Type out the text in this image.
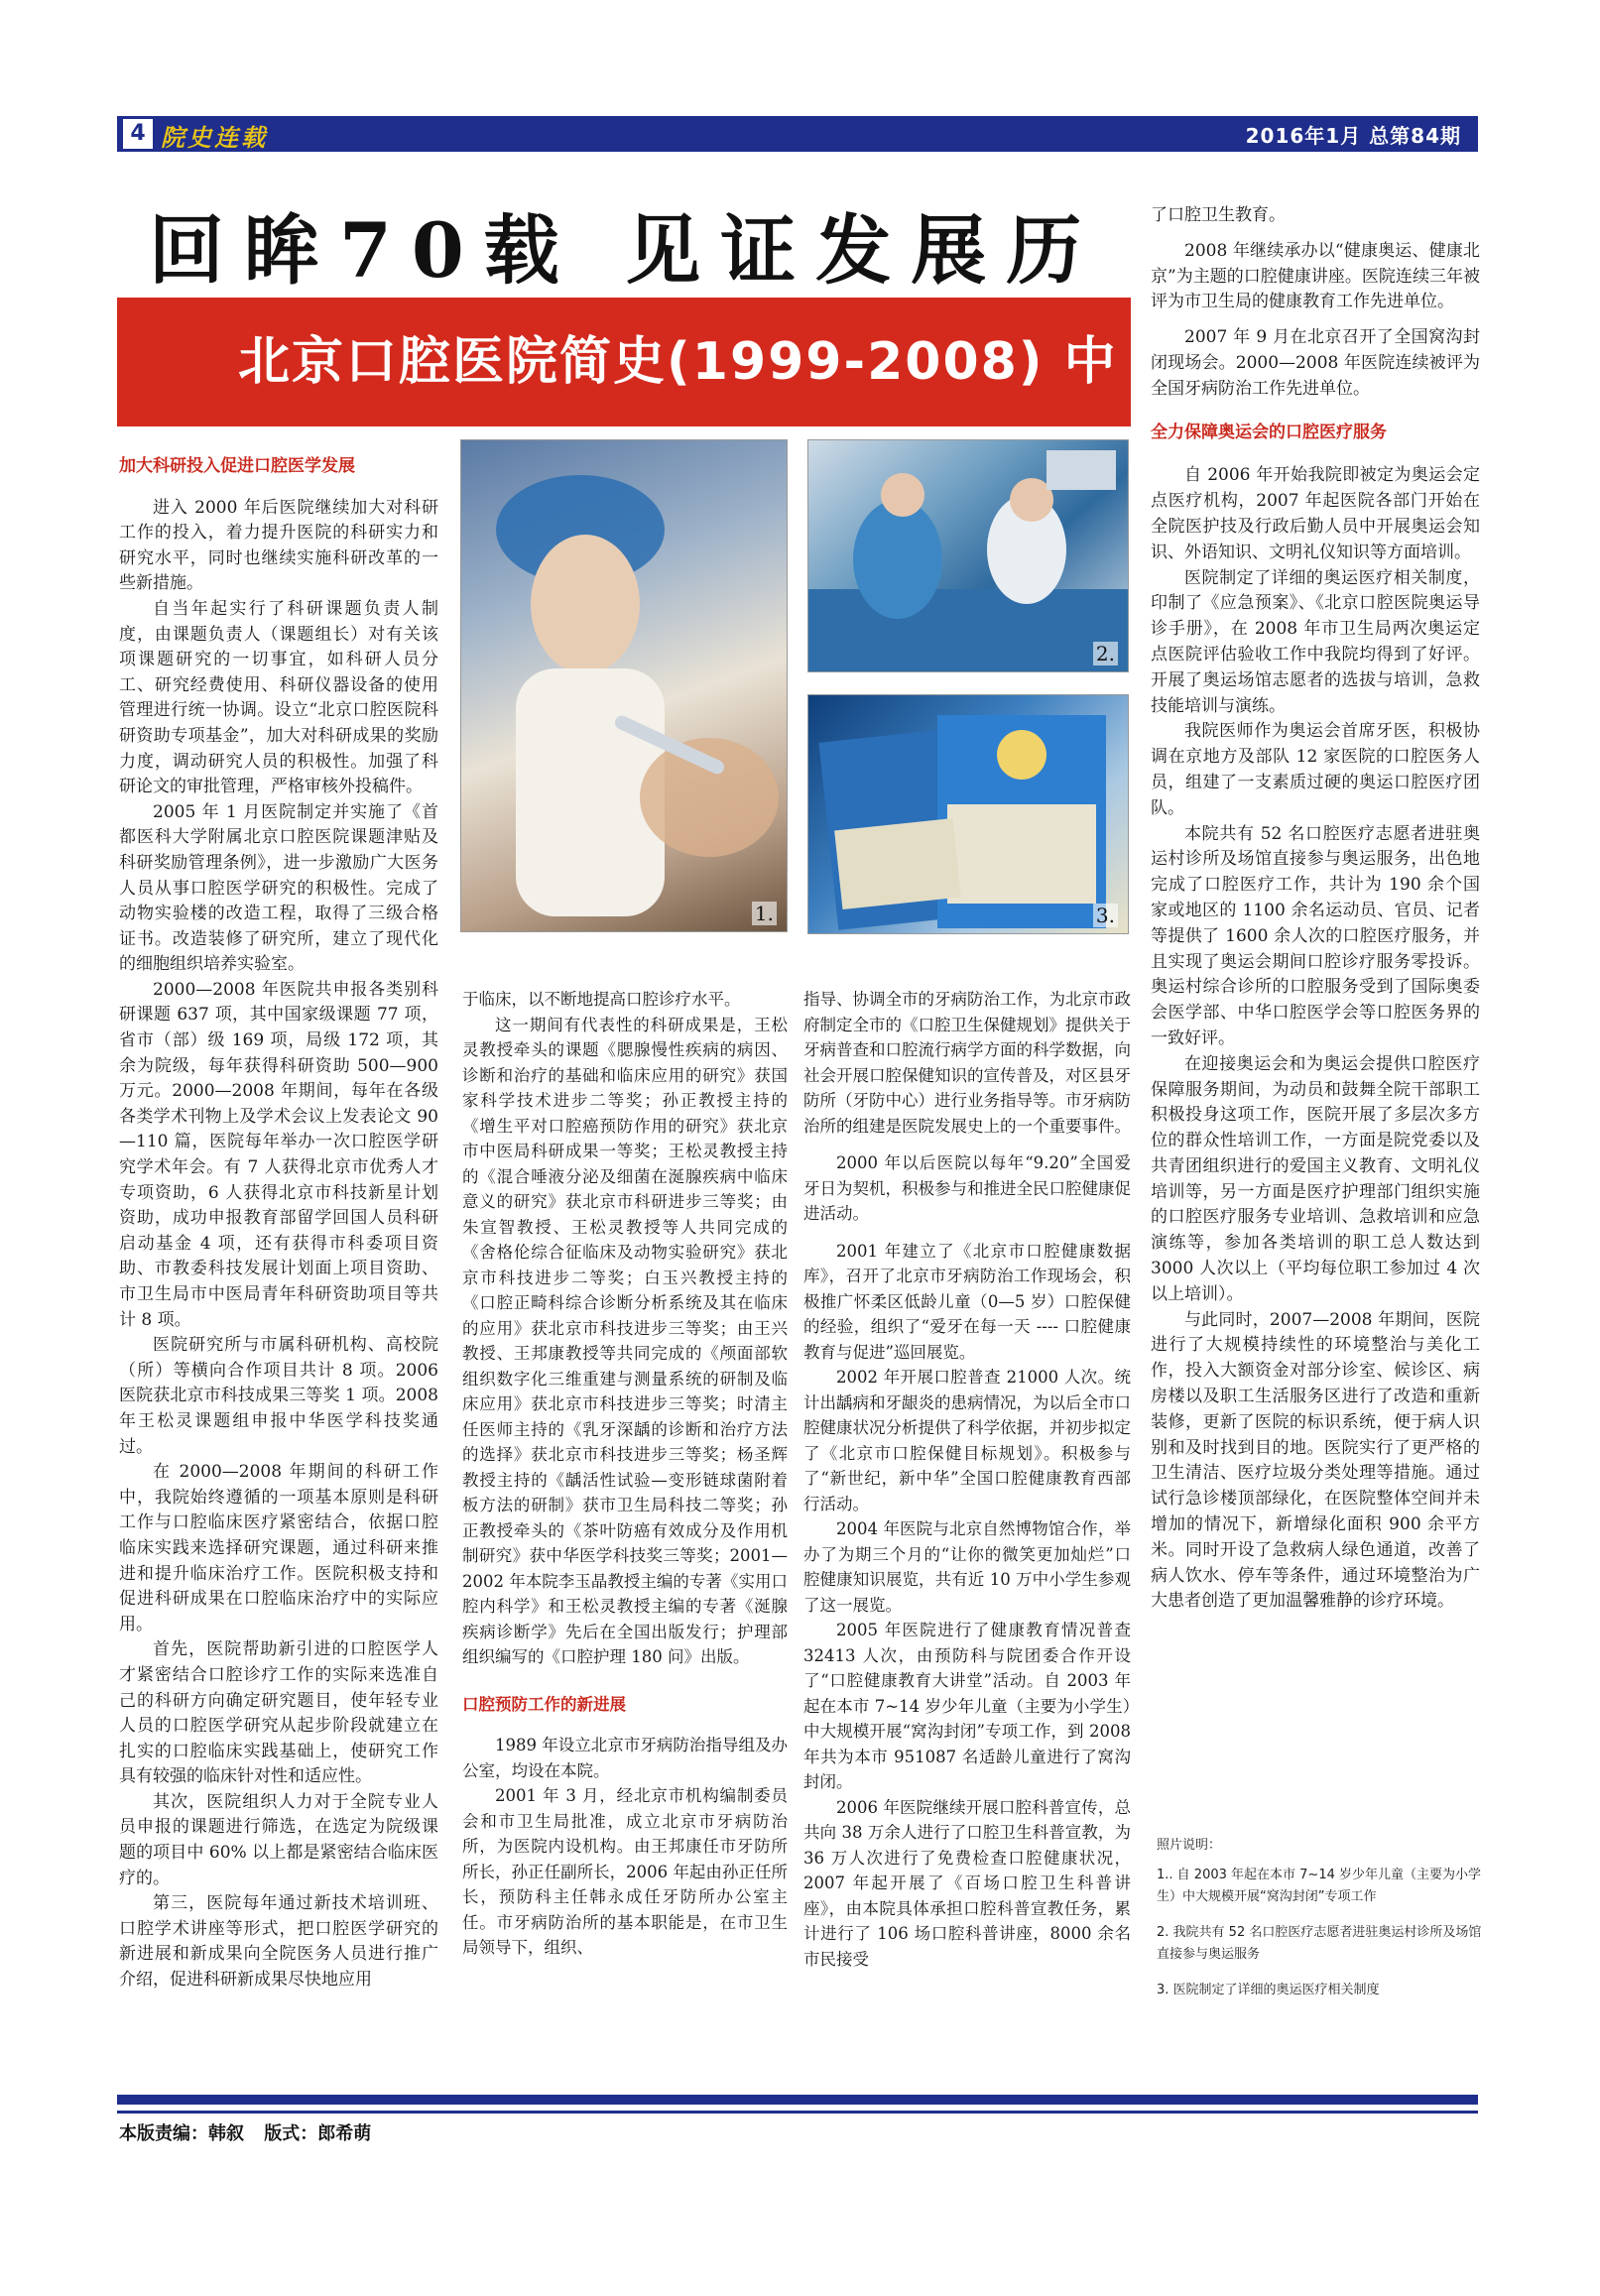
4 院史连载	2016年1月 总第84期
回眸70载 见证发展历
北京口腔医院简史(1999-2008) 中

加大科研投入促进口腔医学发展

进入 2000 年后医院继续加大对科研工作的投入，着力提升医院的科研实力和研究水平，同时也继续实施科研改革的一些新措施。

自当年起实行了科研课题负责人制度，由课题负责人（课题组长）对有关该项课题研究的一切事宜，如科研人员分工、研究经费使用、科研仪器设备的使用管理进行统一协调。设立“北京口腔医院科研资助专项基金”，加大对科研成果的奖励力度，调动研究人员的积极性。加强了科研论文的审批管理，严格审核外投稿件。

2005 年 1 月医院制定并实施了《首都医科大学附属北京口腔医院课题津贴及科研奖励管理条例》，进一步激励广大医务人员从事口腔医学研究的积极性。完成了动物实验楼的改造工程，取得了三级合格证书。改造装修了研究所，建立了现代化的细胞组织培养实验室。

2000—2008 年医院共申报各类别科研课题 637 项，其中国家级课题 77 项，省市（部）级 169 项，局级 172 项，其余为院级，每年获得科研资助 500—900 万元。2000—2008 年期间，每年在各级各类学术刊物上及学术会议上发表论文 90—110 篇，医院每年举办一次口腔医学研究学术年会。有 7 人获得北京市优秀人才专项资助，6 人获得北京市科技新星计划资助，成功申报教育部留学回国人员科研启动基金 4 项，还有获得市科委项目资助、市教委科技发展计划面上项目资助、市卫生局市中医局青年科研资助项目等共计 8 项。

医院研究所与市属科研机构、高校院（所）等横向合作项目共计 8 项。2006 医院获北京市科技成果三等奖 1 项。2008 年王松灵课题组申报中华医学科技奖通过。

在 2000—2008 年期间的科研工作中，我院始终遵循的一项基本原则是科研工作与口腔临床医疗紧密结合，依据口腔临床实践来选择研究课题，通过科研来推进和提升临床治疗工作。医院积极支持和促进科研成果在口腔临床治疗中的实际应用。

首先，医院帮助新引进的口腔医学人才紧密结合口腔诊疗工作的实际来选准自己的科研方向确定研究题目，使年轻专业人员的口腔医学研究从起步阶段就建立在扎实的口腔临床实践基础上，使研究工作具有较强的临床针对性和适应性。

其次，医院组织人力对于全院专业人员申报的课题进行筛选，在选定为院级课题的项目中 60% 以上都是紧密结合临床医疗的。

第三，医院每年通过新技术培训班、口腔学术讲座等形式，把口腔医学研究的新进展和新成果向全院医务人员进行推广介绍，促进科研新成果尽快地应用

1.
2.
3.

于临床，以不断地提高口腔诊疗水平。

这一期间有代表性的科研成果是，王松灵教授牵头的课题《腮腺慢性疾病的病因、诊断和治疗的基础和临床应用的研究》获国家科学技术进步二等奖；孙正教授主持的《增生平对口腔癌预防作用的研究》获北京市中医局科研成果一等奖；王松灵教授主持的《混合唾液分泌及细菌在涎腺疾病中临床意义的研究》获北京市科研进步三等奖；由朱宣智教授、王松灵教授等人共同完成的《舍格伦综合征临床及动物实验研究》获北京市科技进步二等奖；白玉兴教授主持的《口腔正畸科综合诊断分析系统及其在临床的应用》获北京市科技进步三等奖；由王兴教授、王邦康教授等共同完成的《颅面部软组织数字化三维重建与测量系统的研制及临床应用》获北京市科技进步三等奖；时清主任医师主持的《乳牙深龋的诊断和治疗方法的选择》获北京市科技进步三等奖；杨圣辉教授主持的《龋活性试验—变形链球菌附着板方法的研制》获市卫生局科技二等奖；孙正教授牵头的《茶叶防癌有效成分及作用机制研究》获中华医学科技奖三等奖；2001—2002 年本院李玉晶教授主编的专著《实用口腔内科学》和王松灵教授主编的专著《涎腺疾病诊断学》先后在全国出版发行；护理部组织编写的《口腔护理 180 问》出版。

口腔预防工作的新进展

1989 年设立北京市牙病防治指导组及办公室，均设在本院。

2001 年 3 月，经北京市机构编制委员会和市卫生局批准，成立北京市牙病防治所，为医院内设机构。由王邦康任市牙防所所长，孙正任副所长，2006 年起由孙正任所长，预防科主任韩永成任牙防所办公室主任。市牙病防治所的基本职能是，在市卫生局领导下，组织、

指导、协调全市的牙病防治工作，为北京市政府制定全市的《口腔卫生保健规划》提供关于牙病普查和口腔流行病学方面的科学数据，向社会开展口腔保健知识的宣传普及，对区县牙防所（牙防中心）进行业务指导等。市牙病防治所的组建是医院发展史上的一个重要事件。

2000 年以后医院以每年“9.20”全国爱牙日为契机，积极参与和推进全民口腔健康促进活动。

2001 年建立了《北京市口腔健康数据库》，召开了北京市牙病防治工作现场会，积极推广怀柔区低龄儿童（0—5 岁）口腔保健的经验，组织了“爱牙在每一天 ---- 口腔健康教育与促进”巡回展览。

2002 年开展口腔普查 21000 人次。统计出龋病和牙龈炎的患病情况，为以后全市口腔健康状况分析提供了科学依据，并初步拟定了《北京市口腔保健目标规划》。积极参与了“新世纪，新中华”全国口腔健康教育西部行活动。

2004 年医院与北京自然博物馆合作，举办了为期三个月的“让你的微笑更加灿烂”口腔健康知识展览，共有近 10 万中小学生参观了这一展览。

2005 年医院进行了健康教育情况普查 32413 人次，由预防科与院团委合作开设了“口腔健康教育大讲堂”活动。自 2003 年起在本市 7~14 岁少年儿童（主要为小学生）中大规模开展“窝沟封闭”专项工作，到 2008 年共为本市 951087 名适龄儿童进行了窝沟封闭。

2006 年医院继续开展口腔科普宣传，总共向 38 万余人进行了口腔卫生科普宣教，为 36 万人次进行了免费检查口腔健康状况，2007 年起开展了《百场口腔卫生科普讲座》，由本院具体承担口腔科普宣教任务，累计进行了 106 场口腔科普讲座，8000 余名市民接受

了口腔卫生教育。

2008 年继续承办以“健康奥运、健康北京”为主题的口腔健康讲座。医院连续三年被评为市卫生局的健康教育工作先进单位。

2007 年 9 月在北京召开了全国窝沟封闭现场会。2000—2008 年医院连续被评为全国牙病防治工作先进单位。

全力保障奥运会的口腔医疗服务

自 2006 年开始我院即被定为奥运会定点医疗机构，2007 年起医院各部门开始在全院医护技及行政后勤人员中开展奥运会知识、外语知识、文明礼仪知识等方面培训。

医院制定了详细的奥运医疗相关制度，印制了《应急预案》、《北京口腔医院奥运导诊手册》，在 2008 年市卫生局两次奥运定点医院评估验收工作中我院均得到了好评。开展了奥运场馆志愿者的选拔与培训，急救技能培训与演练。

我院医师作为奥运会首席牙医，积极协调在京地方及部队 12 家医院的口腔医务人员，组建了一支素质过硬的奥运口腔医疗团队。

本院共有 52 名口腔医疗志愿者进驻奥运村诊所及场馆直接参与奥运服务，出色地完成了口腔医疗工作，共计为 190 余个国家或地区的 1100 余名运动员、官员、记者等提供了 1600 余人次的口腔医疗服务，并且实现了奥运会期间口腔诊疗服务零投诉。奥运村综合诊所的口腔服务受到了国际奥委会医学部、中华口腔医学会等口腔医务界的一致好评。

在迎接奥运会和为奥运会提供口腔医疗保障服务期间，为动员和鼓舞全院干部职工积极投身这项工作，医院开展了多层次多方位的群众性培训工作，一方面是院党委以及共青团组织进行的爱国主义教育、文明礼仪培训等，另一方面是医疗护理部门组织实施的口腔医疗服务专业培训、急救培训和应急演练等，参加各类培训的职工总人数达到 3000 人次以上（平均每位职工参加过 4 次以上培训）。

与此同时，2007—2008 年期间，医院进行了大规模持续性的环境整治与美化工作，投入大额资金对部分诊室、候诊区、病房楼以及职工生活服务区进行了改造和重新装修，更新了医院的标识系统，便于病人识别和及时找到目的地。医院实行了更严格的卫生清洁、医疗垃圾分类处理等措施。通过试行急诊楼顶部绿化，在医院整体空间并未增加的情况下，新增绿化面积 900 余平方米。同时开设了急救病人绿色通道，改善了病人饮水、停车等条件，通过环境整治为广大患者创造了更加温馨雅静的诊疗环境。

照片说明：
1.. 自 2003 年起在本市 7~14 岁少年儿童（主要为小学生）中大规模开展“窝沟封闭”专项工作
2. 我院共有 52 名口腔医疗志愿者进驻奥运村诊所及场馆直接参与奥运服务
3. 医院制定了详细的奥运医疗相关制度
本版责编：韩叙 版式：郎希萌
